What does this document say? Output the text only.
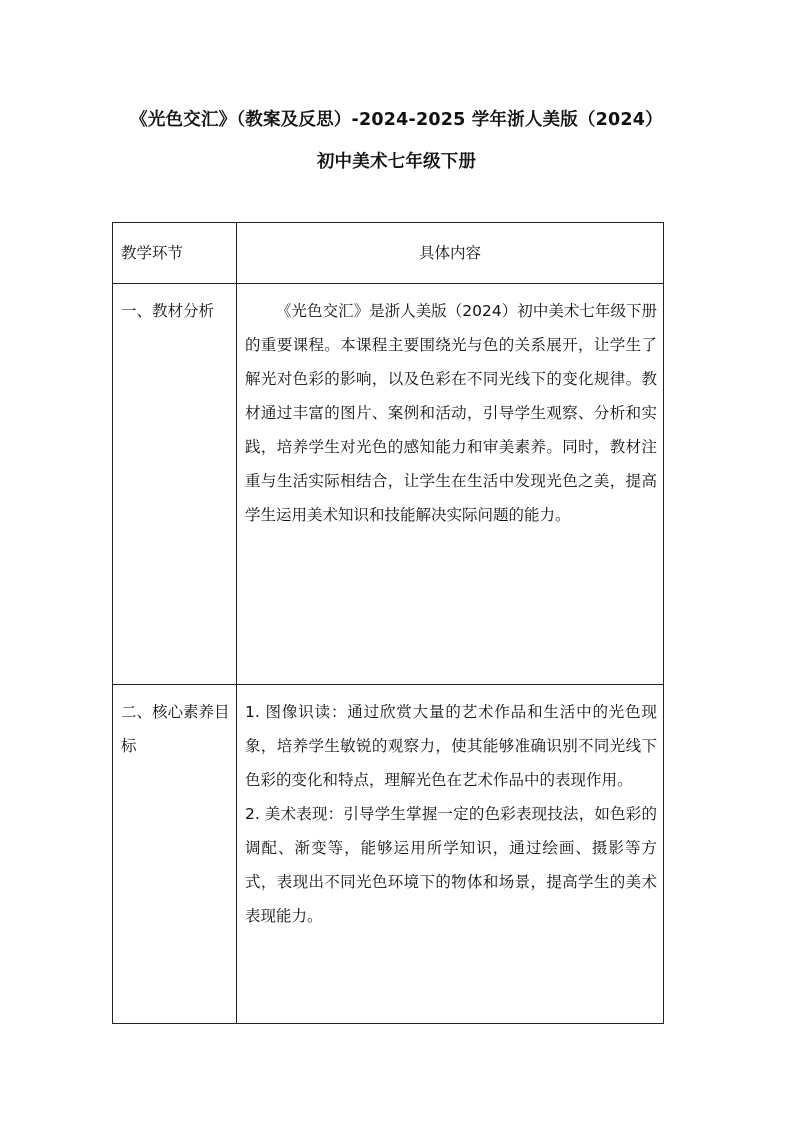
《光色交汇》（教案及反思）-2024-2025 学年浙人美版（2024）
初中美术七年级下册
教学环节	具体内容
一、教材分析	《光色交汇》是浙人美版（2024）初中美术七年级下册的重要课程。本课程主要围绕光与色的关系展开，让学生了解光对色彩的影响，以及色彩在不同光线下的变化规律。教材通过丰富的图片、案例和活动，引导学生观察、分析和实践，培养学生对光色的感知能力和审美素养。同时，教材注重与生活实际相结合，让学生在生活中发现光色之美，提高学生运用美术知识和技能解决实际问题的能力。

二、核心素养目标	1. 图像识读：通过欣赏大量的艺术作品和生活中的光色现象，培养学生敏锐的观察力，使其能够准确识别不同光线下色彩的变化和特点，理解光色在艺术作品中的表现作用。

2. 美术表现：引导学生掌握一定的色彩表现技法，如色彩的调配、渐变等，能够运用所学知识，通过绘画、摄影等方式，表现出不同光色环境下的物体和场景，提高学生的美术表现能力。
